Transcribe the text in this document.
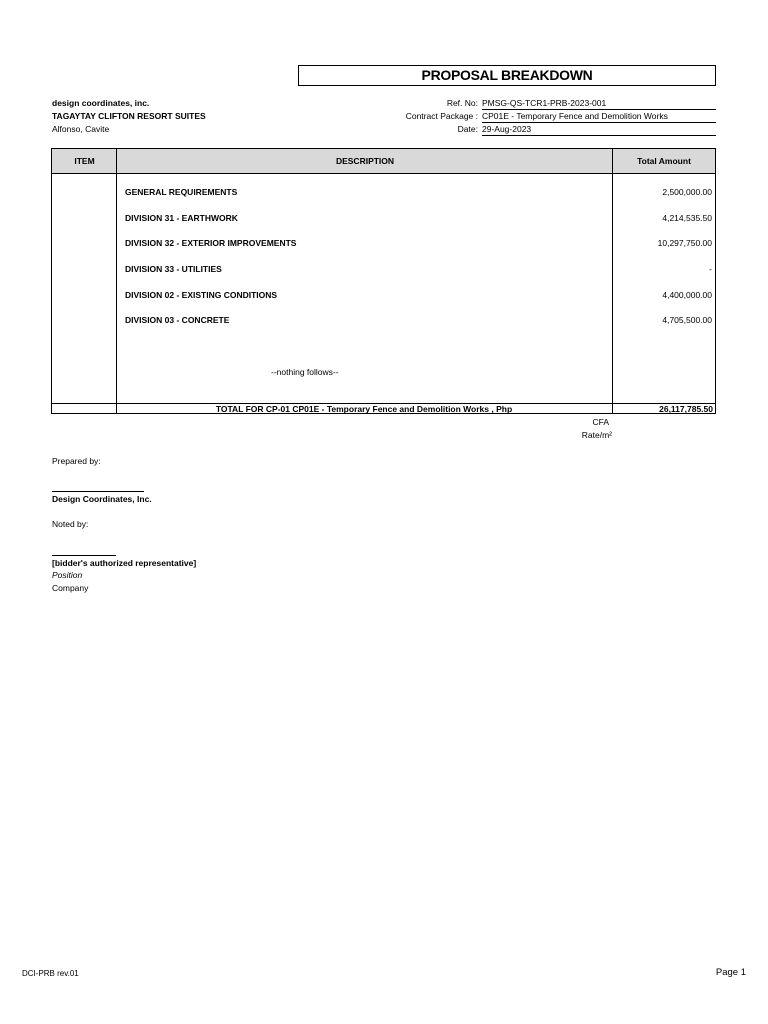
PROPOSAL BREAKDOWN
design coordinates, inc.
TAGAYTAY CLIFTON RESORT SUITES
Alfonso, Cavite
Ref. No: PMSG-QS-TCR1-PRB-2023-001
Contract Package : CP01E - Temporary Fence and Demolition Works
Date: 29-Aug-2023
ITEM	DESCRIPTION	Total Amount
GENERAL REQUIREMENTS	2,500,000.00
DIVISION 31 - EARTHWORK	4,214,535.50
DIVISION 32 - EXTERIOR IMPROVEMENTS	10,297,750.00
DIVISION 33 - UTILITIES	-
DIVISION 02 - EXISTING CONDITIONS	4,400,000.00
DIVISION 03 - CONCRETE	4,705,500.00
--nothing follows--
TOTAL FOR CP-01 CP01E - Temporary Fence and Demolition Works , Php	26,117,785.50
CFA
Rate/m²
Prepared by:
Design Coordinates, Inc.
Noted by:
[bidder's authorized representative]
Position
Company
DCI-PRB rev.01	Page 1
